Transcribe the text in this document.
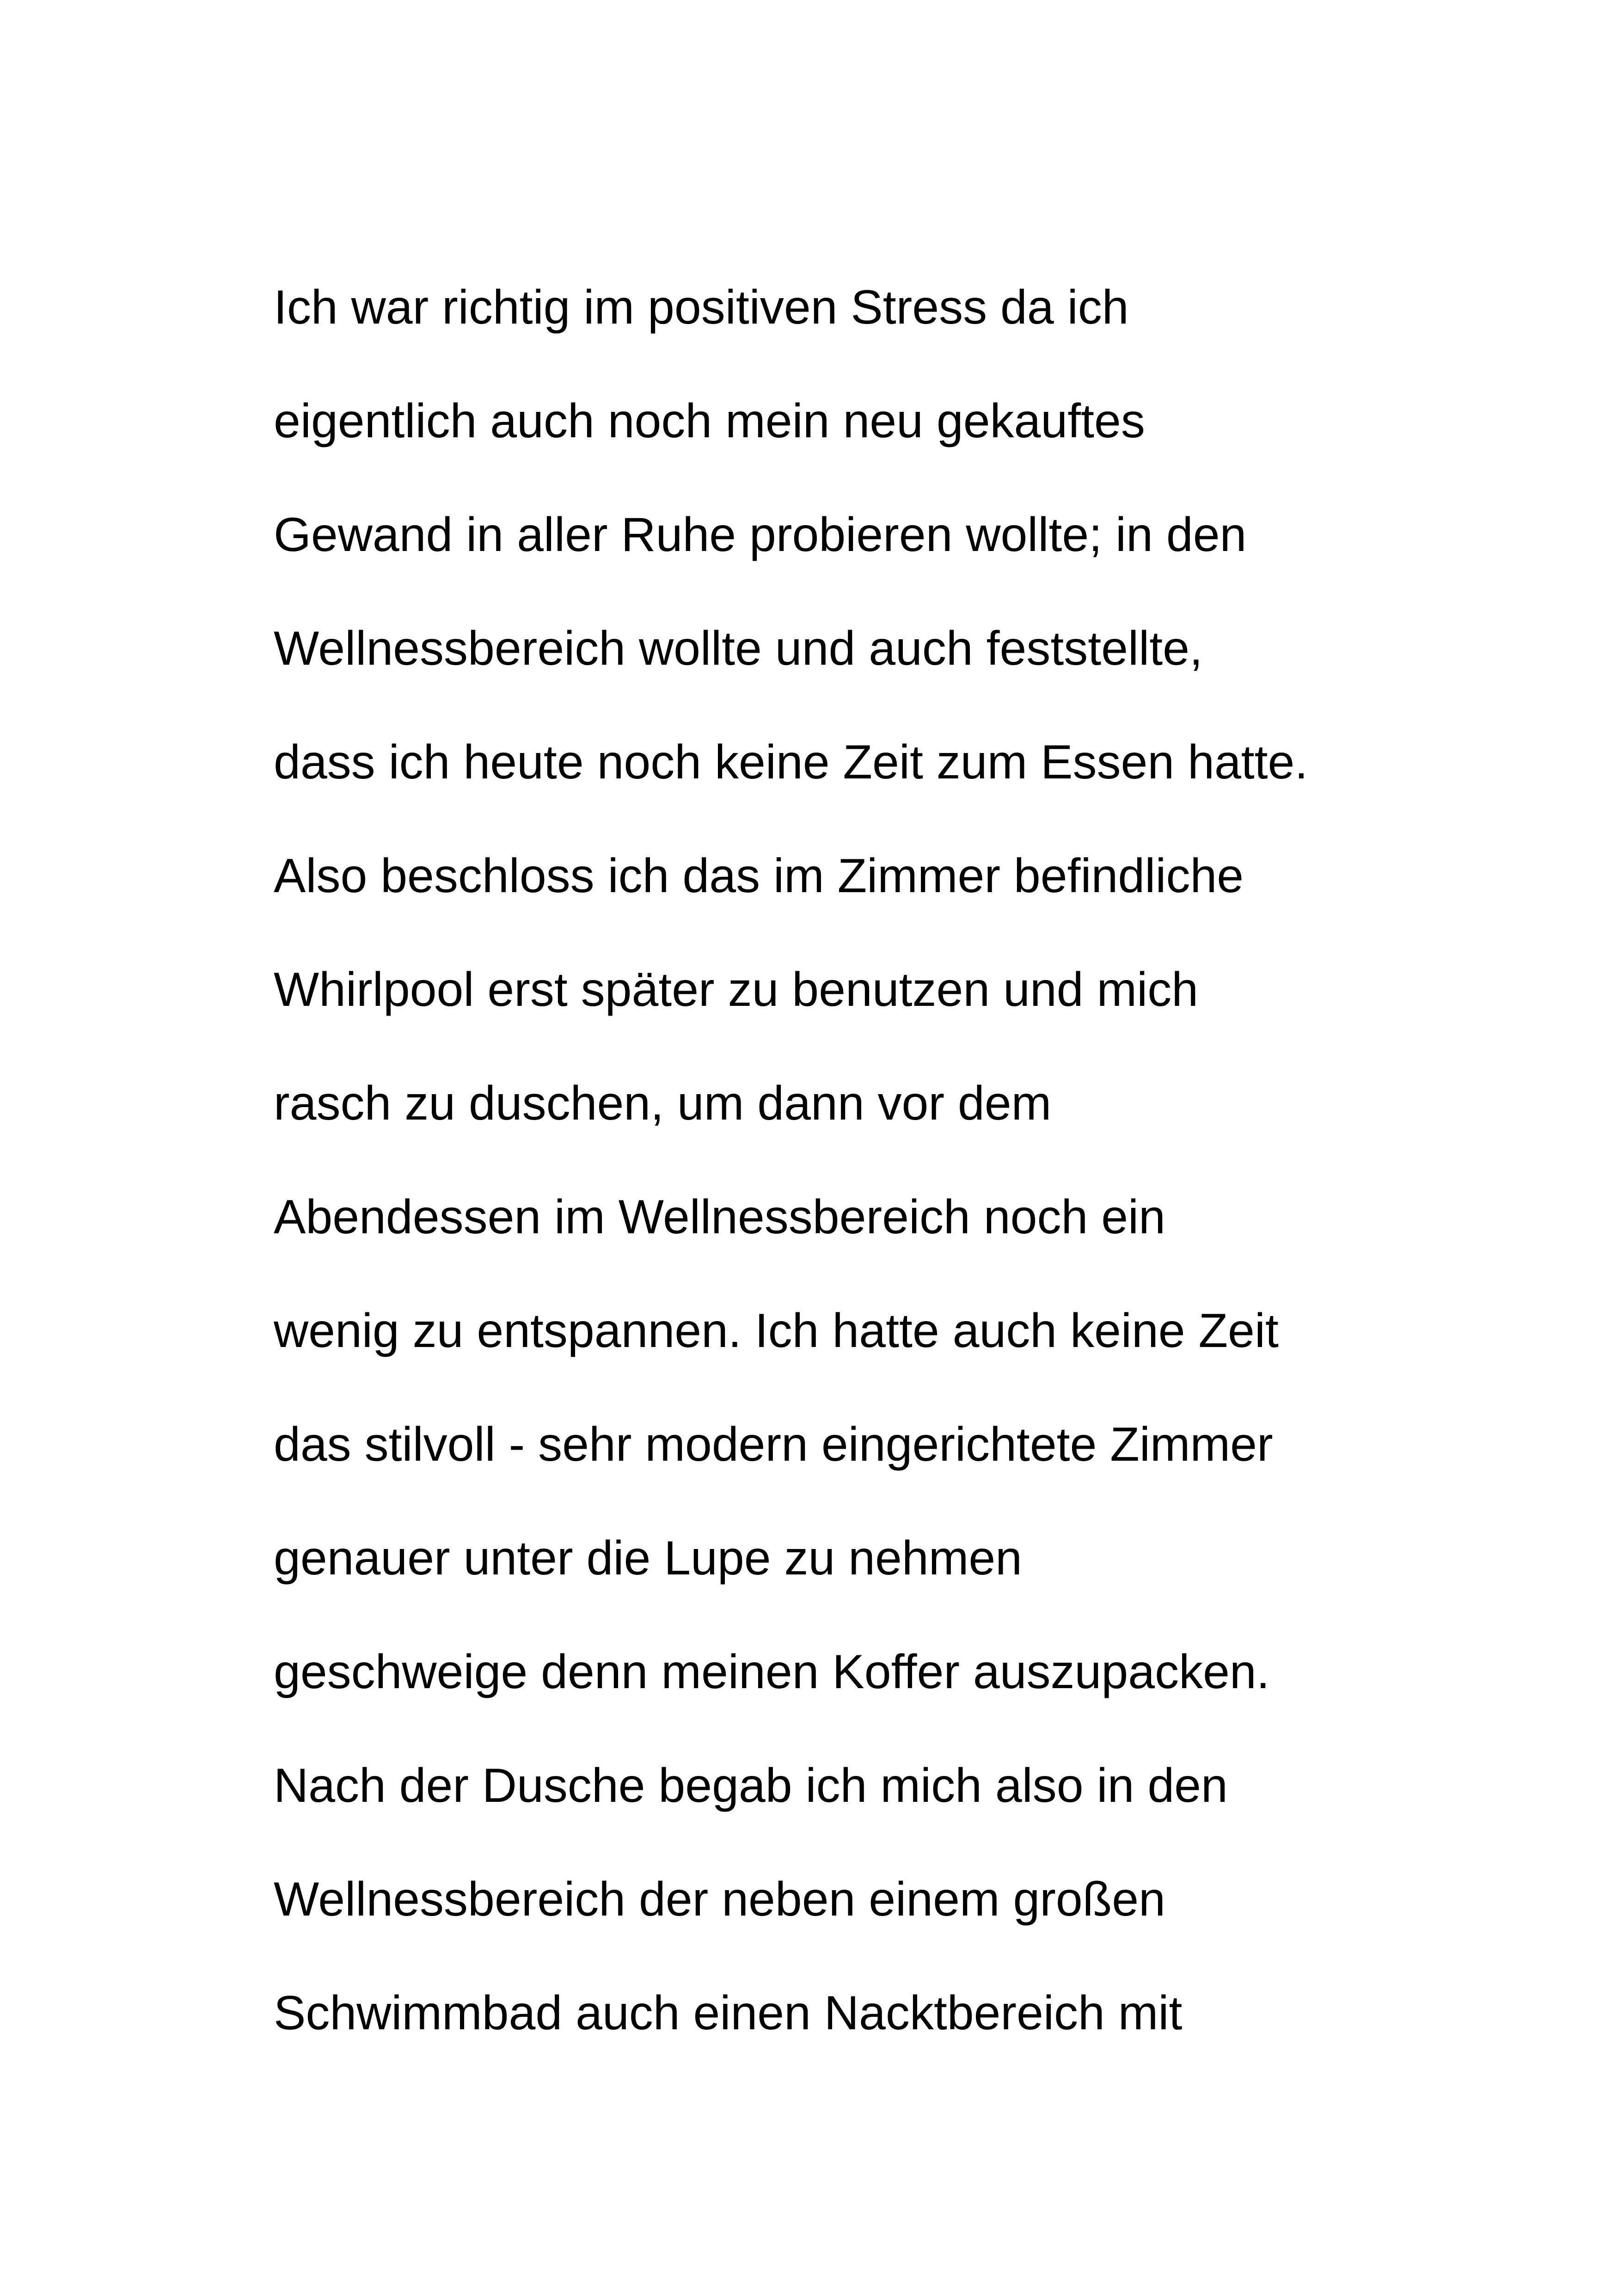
Ich war richtig im positiven Stress da ich
eigentlich auch noch mein neu gekauftes
Gewand in aller Ruhe probieren wollte; in den
Wellnessbereich wollte und auch feststellte,
dass ich heute noch keine Zeit zum Essen hatte.
Also beschloss ich das im Zimmer befindliche
Whirlpool erst später zu benutzen und mich
rasch zu duschen, um dann vor dem
Abendessen im Wellnessbereich noch ein
wenig zu entspannen. Ich hatte auch keine Zeit
das stilvoll - sehr modern eingerichtete Zimmer
genauer unter die Lupe zu nehmen
geschweige denn meinen Koffer auszupacken.
Nach der Dusche begab ich mich also in den
Wellnessbereich der neben einem großen
Schwimmbad auch einen Nacktbereich mit
